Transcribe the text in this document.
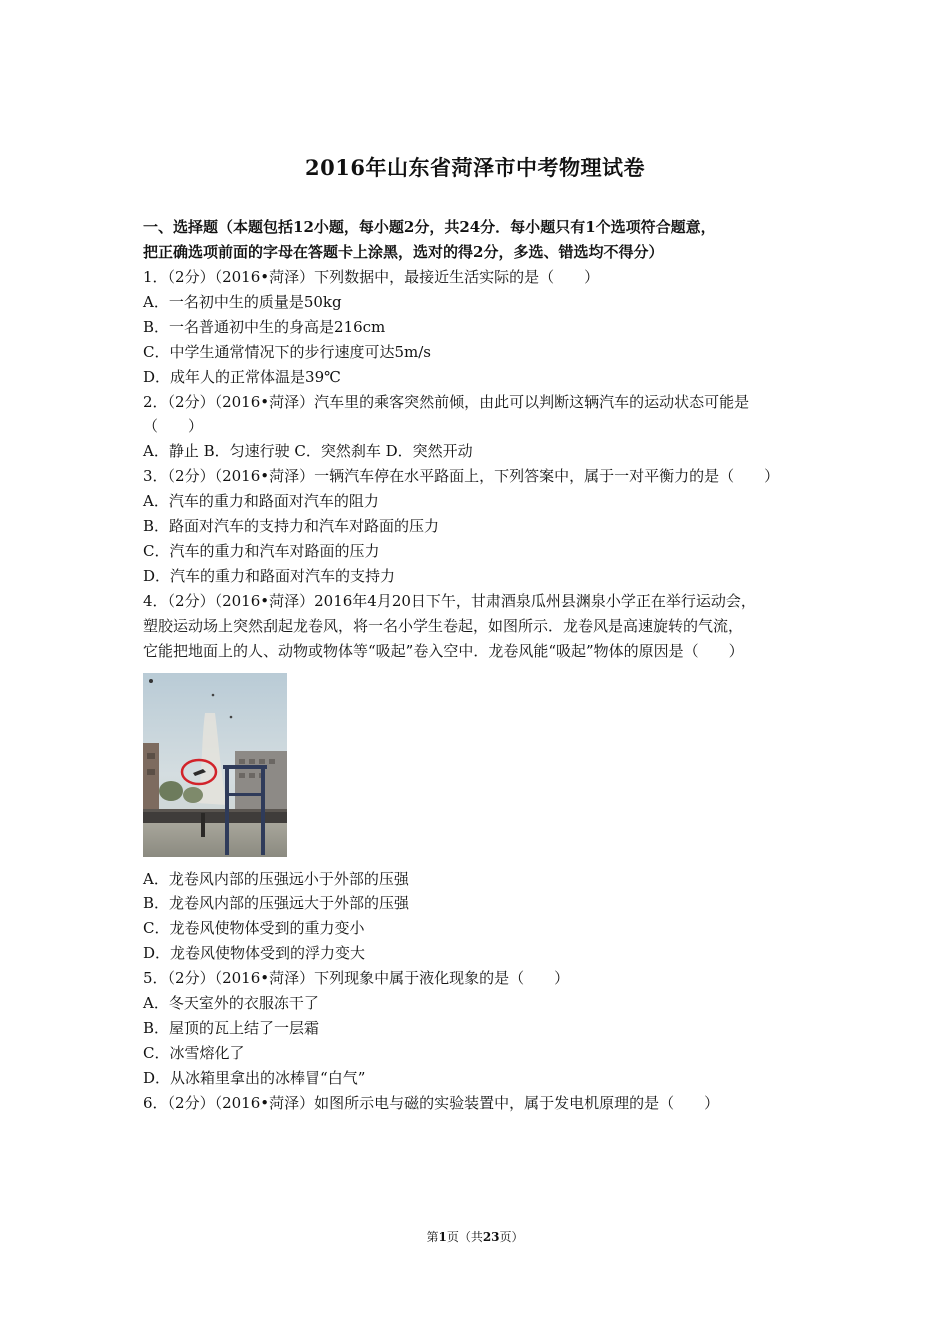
2016年山东省菏泽市中考物理试卷

一、选择题（本题包括12小题，每小题2分，共24分．每小题只有1个选项符合题意，

把正确选项前面的字母在答题卡上涂黑，选对的得2分，多选、错选均不得分）

1．（2分）（2016•菏泽）下列数据中，最接近生活实际的是（　　）

A．一名初中生的质量是50kg

B．一名普通初中生的身高是216cm

C．中学生通常情况下的步行速度可达5m/s

D．成年人的正常体温是39℃

2．（2分）（2016•菏泽）汽车里的乘客突然前倾，由此可以判断这辆汽车的运动状态可能是

（　　）

A．静止 B．匀速行驶 C．突然刹车 D．突然开动

3．（2分）（2016•菏泽）一辆汽车停在水平路面上，下列答案中，属于一对平衡力的是（　　）

A．汽车的重力和路面对汽车的阻力

B．路面对汽车的支持力和汽车对路面的压力

C．汽车的重力和汽车对路面的压力

D．汽车的重力和路面对汽车的支持力

4．（2分）（2016•菏泽）2016年4月20日下午，甘肃酒泉瓜州县渊泉小学正在举行运动会，

塑胶运动场上突然刮起龙卷风，将一名小学生卷起，如图所示．龙卷风是高速旋转的气流，

它能把地面上的人、动物或物体等“吸起”卷入空中．龙卷风能“吸起”物体的原因是（　　）

A．龙卷风内部的压强远小于外部的压强

B．龙卷风内部的压强远大于外部的压强

C．龙卷风使物体受到的重力变小

D．龙卷风使物体受到的浮力变大

5．（2分）（2016•菏泽）下列现象中属于液化现象的是（　　）

A．冬天室外的衣服冻干了

B．屋顶的瓦上结了一层霜

C．冰雪熔化了

D．从冰箱里拿出的冰棒冒“白气”

6．（2分）（2016•菏泽）如图所示电与磁的实验装置中，属于发电机原理的是（　　）

第1页（共23页）
